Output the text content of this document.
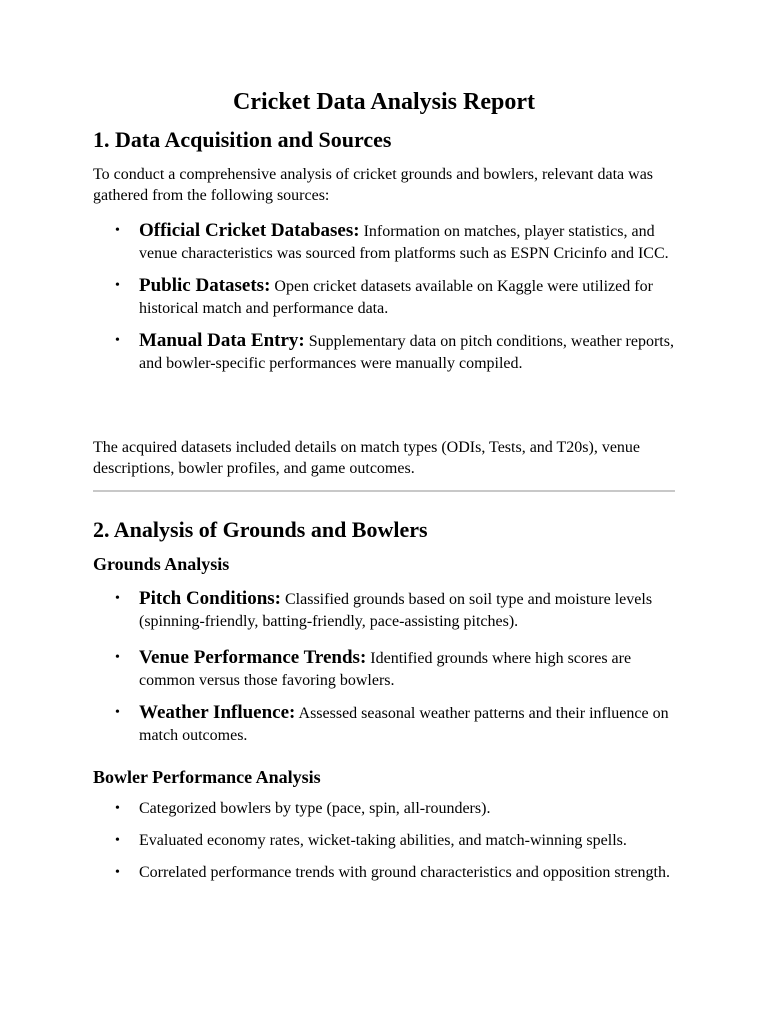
Cricket Data Analysis Report
1. Data Acquisition and Sources

To conduct a comprehensive analysis of cricket grounds and bowlers, relevant data was gathered from the following sources:

• Official Cricket Databases: Information on matches, player statistics, and venue characteristics was sourced from platforms such as ESPN Cricinfo and ICC.
• Public Datasets: Open cricket datasets available on Kaggle were utilized for historical match and performance data.
• Manual Data Entry: Supplementary data on pitch conditions, weather reports, and bowler-specific performances were manually compiled.

The acquired datasets included details on match types (ODIs, Tests, and T20s), venue descriptions, bowler profiles, and game outcomes.

2. Analysis of Grounds and Bowlers
Grounds Analysis
• Pitch Conditions: Classified grounds based on soil type and moisture levels (spinning-friendly, batting-friendly, pace-assisting pitches).
• Venue Performance Trends: Identified grounds where high scores are common versus those favoring bowlers.
• Weather Influence: Assessed seasonal weather patterns and their influence on match outcomes.
Bowler Performance Analysis
• Categorized bowlers by type (pace, spin, all-rounders).
• Evaluated economy rates, wicket-taking abilities, and match-winning spells.
• Correlated performance trends with ground characteristics and opposition strength.
